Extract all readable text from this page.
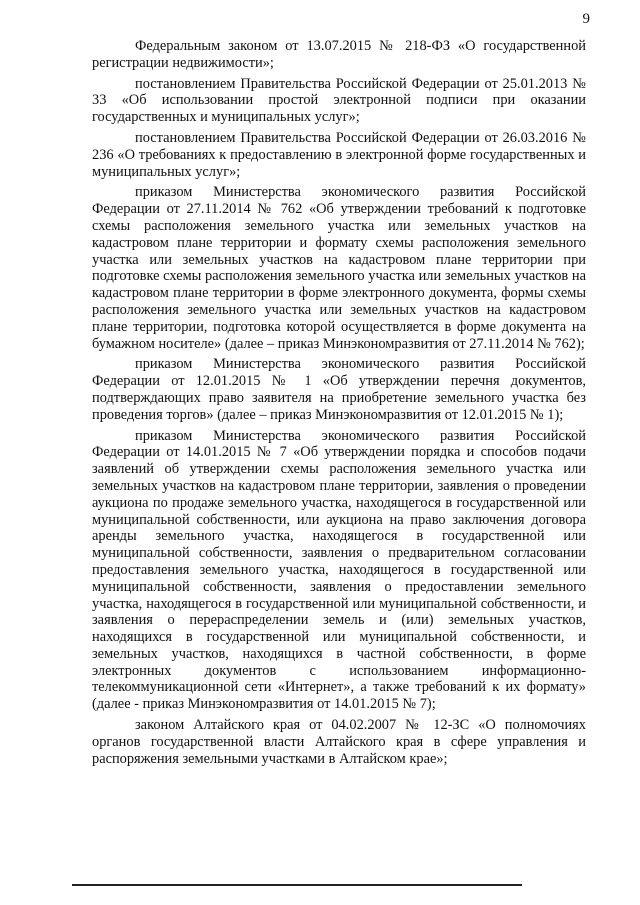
9

Федеральным законом от 13.07.2015 № 218-ФЗ «О государственной регистрации недвижимости»;

постановлением Правительства Российской Федерации от 25.01.2013 № 33 «Об использовании простой электронной подписи при оказании государственных и муниципальных услуг»;

постановлением Правительства Российской Федерации от 26.03.2016 № 236 «О требованиях к предоставлению в электронной форме государственных и муниципальных услуг»;

приказом Министерства экономического развития Российской Федерации от 27.11.2014 № 762 «Об утверждении требований к подготовке схемы расположения земельного участка или земельных участков на кадастровом плане территории и формату схемы расположения земельного участка или земельных участков на кадастровом плане территории при подготовке схемы расположения земельного участка или земельных участков на кадастровом плане территории в форме электронного документа, формы схемы расположения земельного участка или земельных участков на кадастровом плане территории, подготовка которой осуществляется в форме документа на бумажном носителе» (далее – приказ Минэкономразвития от 27.11.2014 № 762);

приказом Министерства экономического развития Российской Федерации от 12.01.2015 № 1 «Об утверждении перечня документов, подтверждающих право заявителя на приобретение земельного участка без проведения торгов» (далее – приказ Минэкономразвития от 12.01.2015 № 1);

приказом Министерства экономического развития Российской Федерации от 14.01.2015 № 7 «Об утверждении порядка и способов подачи заявлений об утверждении схемы расположения земельного участка или земельных участков на кадастровом плане территории, заявления о проведении аукциона по продаже земельного участка, находящегося в государственной или муниципальной собственности, или аукциона на право заключения договора аренды земельного участка, находящегося в государственной или муниципальной собственности, заявления о предварительном согласовании предоставления земельного участка, находящегося в государственной или муниципальной собственности, заявления о предоставлении земельного участка, находящегося в государственной или муниципальной собственности, и заявления о перераспределении земель и (или) земельных участков, находящихся в государственной или муниципальной собственности, и земельных участков, находящихся в частной собственности, в форме электронных документов с использованием информационно-телекоммуникационной сети «Интернет», а также требований к их формату» (далее - приказ Минэкономразвития от 14.01.2015 № 7);

законом Алтайского края от 04.02.2007 № 12-ЗС «О полномочиях органов государственной власти Алтайского края в сфере управления и распоряжения земельными участками в Алтайском крае»;
